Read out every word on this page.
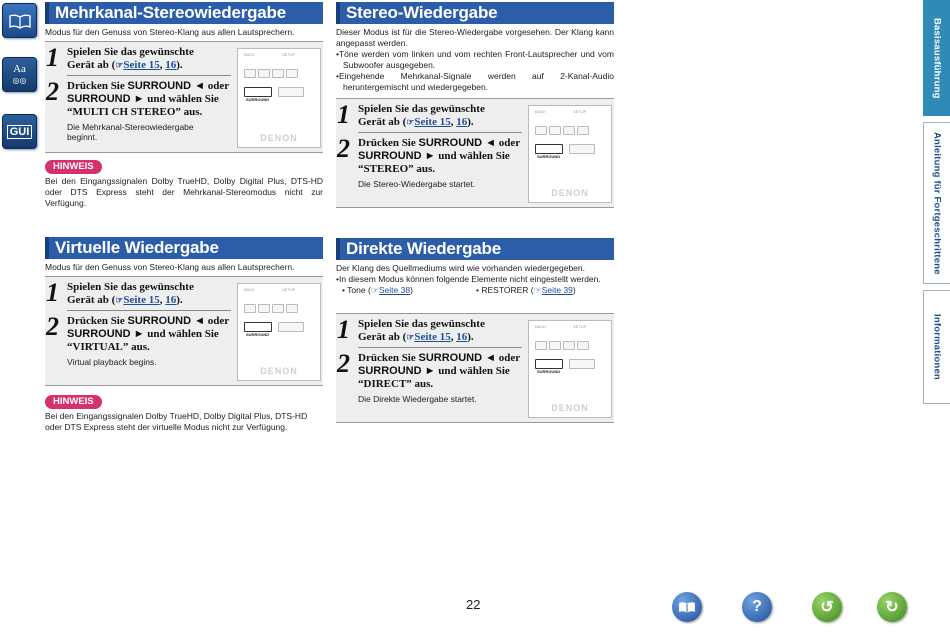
Aa
◎◎
GUI
Basisausführung
Anleitung für Fortgeschrittene
Informationen
Mehrkanal-Stereowiedergabe
Modus für den Genuss von Stereo-Klang aus allen Lautsprechern.
1 Spielen Sie das gewünschte
Gerät ab (☞Seite 15, 16).
2 Drücken Sie SURROUND ◄ oder
SURROUND ► und wählen Sie
“MULTI CH STEREO” aus.
Die Mehrkanal-Stereowiedergabe
beginnt.
BACK	SETUP
SURROUND
DENON
HINWEIS
Bei den Eingangssignalen Dolby TrueHD, Dolby Digital Plus, DTS-HD oder DTS Express steht der Mehrkanal-Stereomodus nicht zur Verfügung.
Virtuelle Wiedergabe
Modus für den Genuss von Stereo-Klang aus allen Lautsprechern.
1 Spielen Sie das gewünschte
Gerät ab (☞Seite 15, 16).
2 Drücken Sie SURROUND ◄ oder
SURROUND ► und wählen Sie
“VIRTUAL” aus.
Virtual playback begins.
BACK	SETUP
SURROUND
DENON
HINWEIS
Bei den Eingangssignalen Dolby TrueHD, Dolby Digital Plus, DTS-HD oder DTS Express steht der virtuelle Modus nicht zur Verfügung.
Stereo-Wiedergabe

Dieser Modus ist für die Stereo-Wiedergabe vorgesehen. Der Klang kann angepasst werden.

•Töne werden vom linken und vom rechten Front-Lautsprecher und vom Subwoofer ausgegeben.

•Eingehende Mehrkanal-Signale werden auf 2-Kanal-Audio heruntergemischt und wiedergegeben.

1 Spielen Sie das gewünschte
Gerät ab (☞Seite 15, 16).
2 Drücken Sie SURROUND ◄ oder
SURROUND ► und wählen Sie
“STEREO” aus.
Die Stereo-Wiedergabe startet.
BACK	SETUP
SURROUND
DENON
Direkte Wiedergabe

Der Klang des Quellmediums wird wie vorhanden wiedergegeben.

•In diesem Modus können folgende Elemente nicht eingestellt werden.

• Tone (☞Seite 38)	• RESTORER (☞Seite 39)

1 Spielen Sie das gewünschte
Gerät ab (☞Seite 15, 16).
2 Drücken Sie SURROUND ◄ oder
SURROUND ► und wählen Sie
“DIRECT” aus.
Die Direkte Wiedergabe startet.
BACK	SETUP
SURROUND
DENON
22	?	↺	↻
